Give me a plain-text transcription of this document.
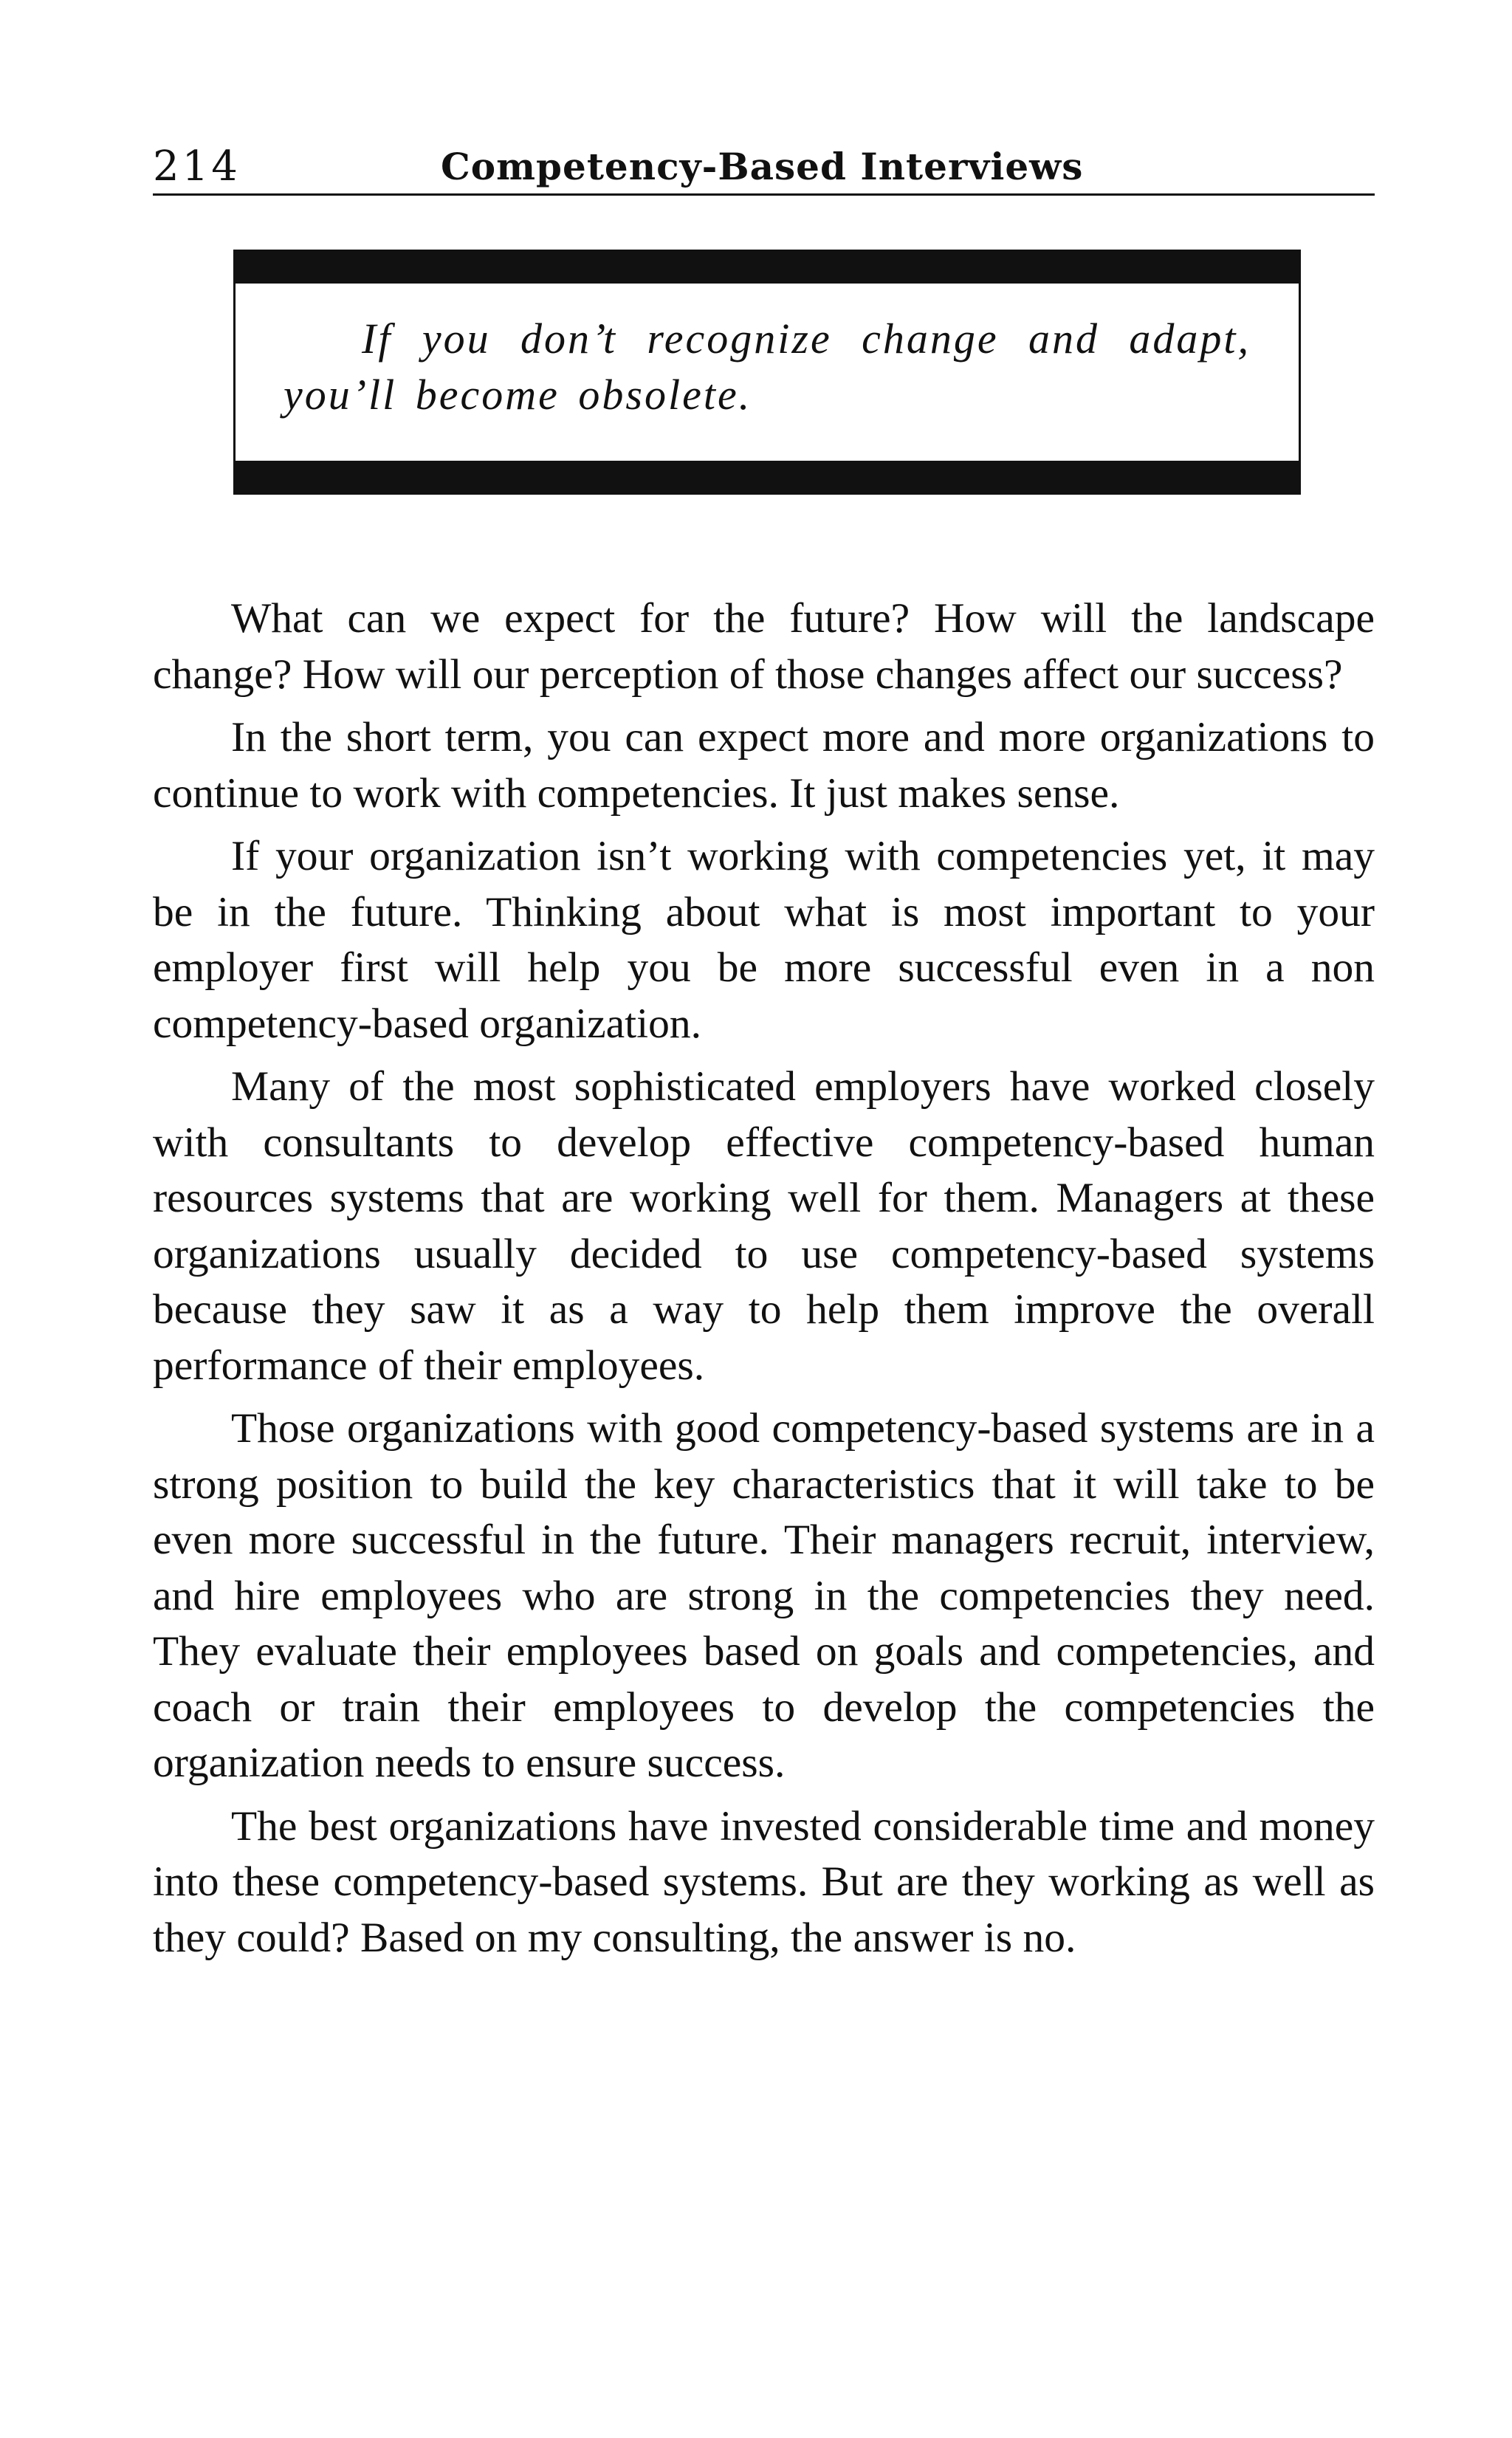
214	Competency-Based Interviews
If you don’t recognize change and adapt, you’ll become obsolete.

What can we expect for the future? How will the landscape change? How will our perception of those changes affect our success?

In the short term, you can expect more and more organizations to continue to work with competencies. It just makes sense.

If your organization isn’t working with competencies yet, it may be in the future. Thinking about what is most important to your employer first will help you be more successful even in a non competency-based organization.

Many of the most sophisticated employers have worked closely with consultants to develop effective competency-based human resources systems that are working well for them. Managers at these organizations usually decided to use competency-based systems because they saw it as a way to help them improve the overall performance of their employees.

Those organizations with good competency-based systems are in a strong position to build the key characteristics that it will take to be even more successful in the future. Their managers recruit, interview, and hire employees who are strong in the competencies they need. They evaluate their employees based on goals and competencies, and coach or train their employees to develop the competencies the organization needs to ensure success.

The best organizations have invested considerable time and money into these competency-based systems. But are they working as well as they could? Based on my consulting, the answer is no.
